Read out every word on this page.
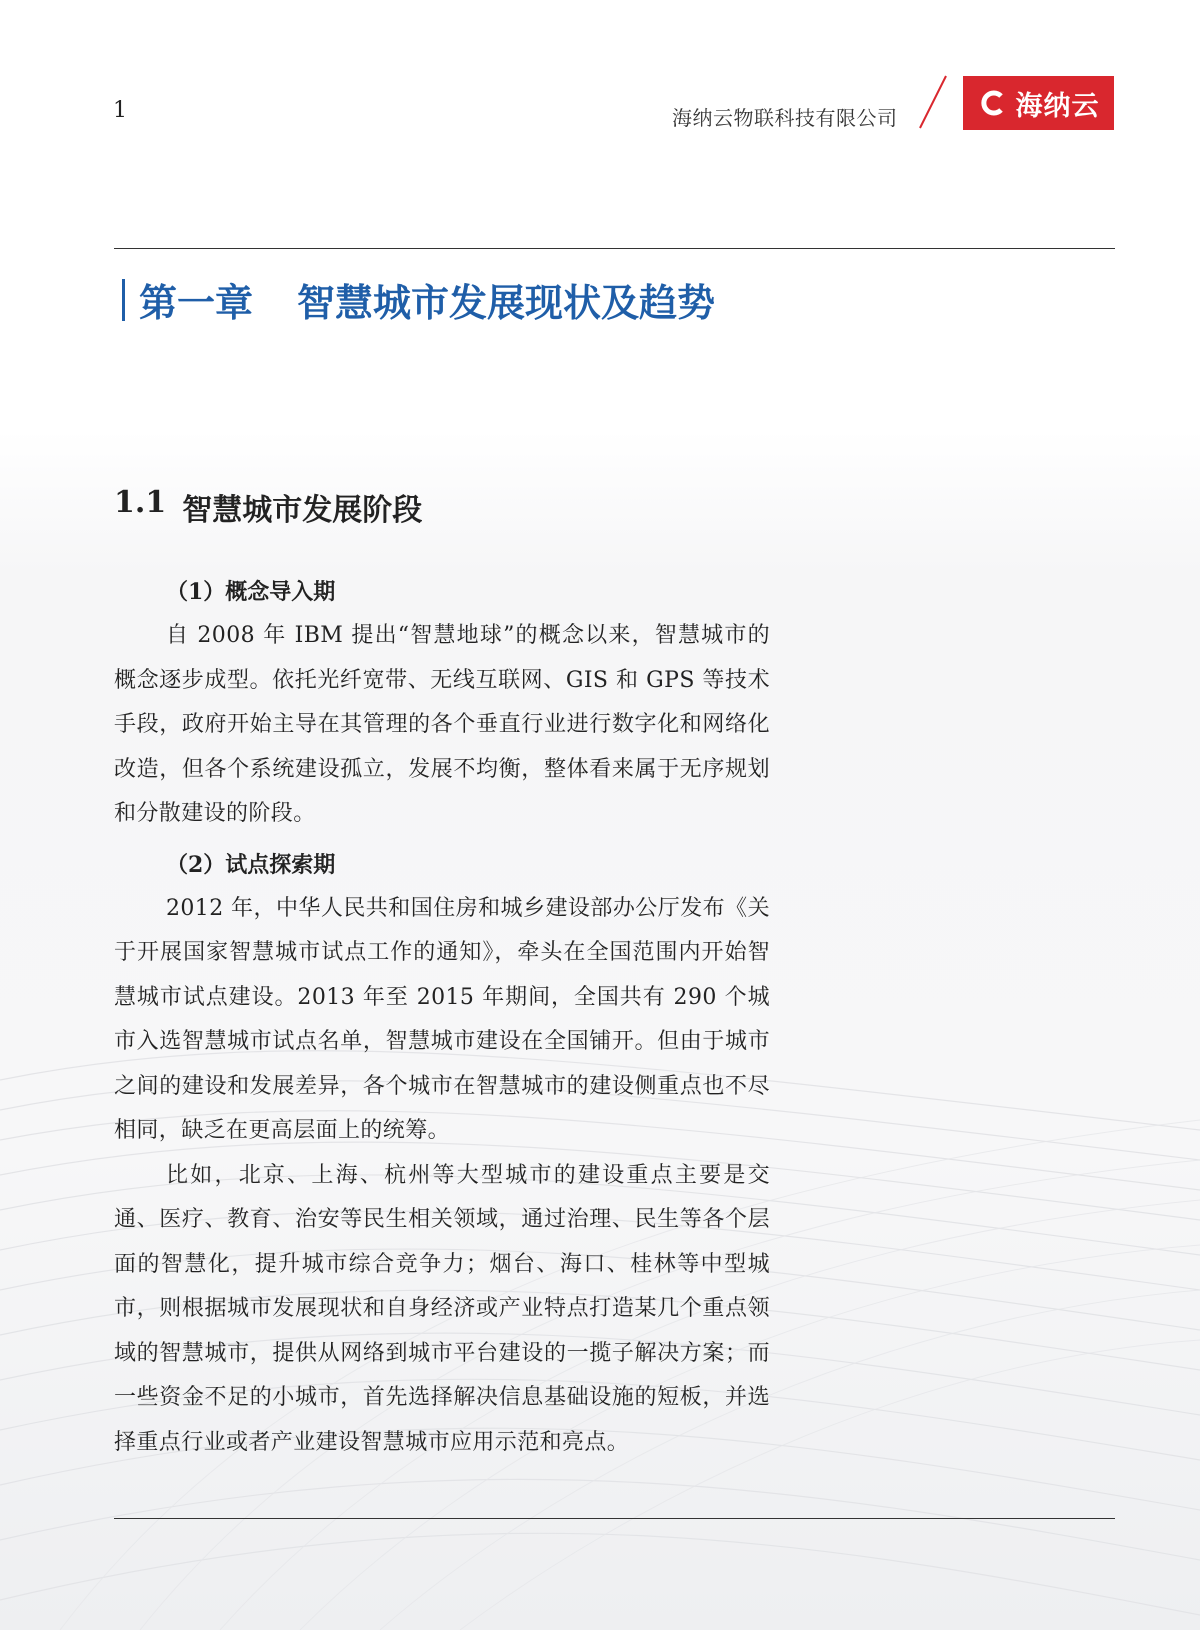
1	海纳云物联科技有限公司	海纳云
第一章 智慧城市发展现状及趋势
1.1 智慧城市发展阶段
（1）概念导入期

自 2008 年 IBM 提出“智慧地球”的概念以来，智慧城市的概念逐步成型。依托光纤宽带、无线互联网、GIS 和 GPS 等技术手段，政府开始主导在其管理的各个垂直行业进行数字化和网络化改造，但各个系统建设孤立，发展不均衡，整体看来属于无序规划和分散建设的阶段。

（2）试点探索期

2012 年，中华人民共和国住房和城乡建设部办公厅发布《关于开展国家智慧城市试点工作的通知》，牵头在全国范围内开始智慧城市试点建设。2013 年至 2015 年期间，全国共有 290 个城市入选智慧城市试点名单，智慧城市建设在全国铺开。但由于城市之间的建设和发展差异，各个城市在智慧城市的建设侧重点也不尽相同，缺乏在更高层面上的统筹。

比如，北京、上海、杭州等大型城市的建设重点主要是交通、医疗、教育、治安等民生相关领域，通过治理、民生等各个层面的智慧化，提升城市综合竞争力；烟台、海口、桂林等中型城市，则根据城市发展现状和自身经济或产业特点打造某几个重点领域的智慧城市，提供从网络到城市平台建设的一揽子解决方案；而一些资金不足的小城市，首先选择解决信息基础设施的短板，并选择重点行业或者产业建设智慧城市应用示范和亮点。
